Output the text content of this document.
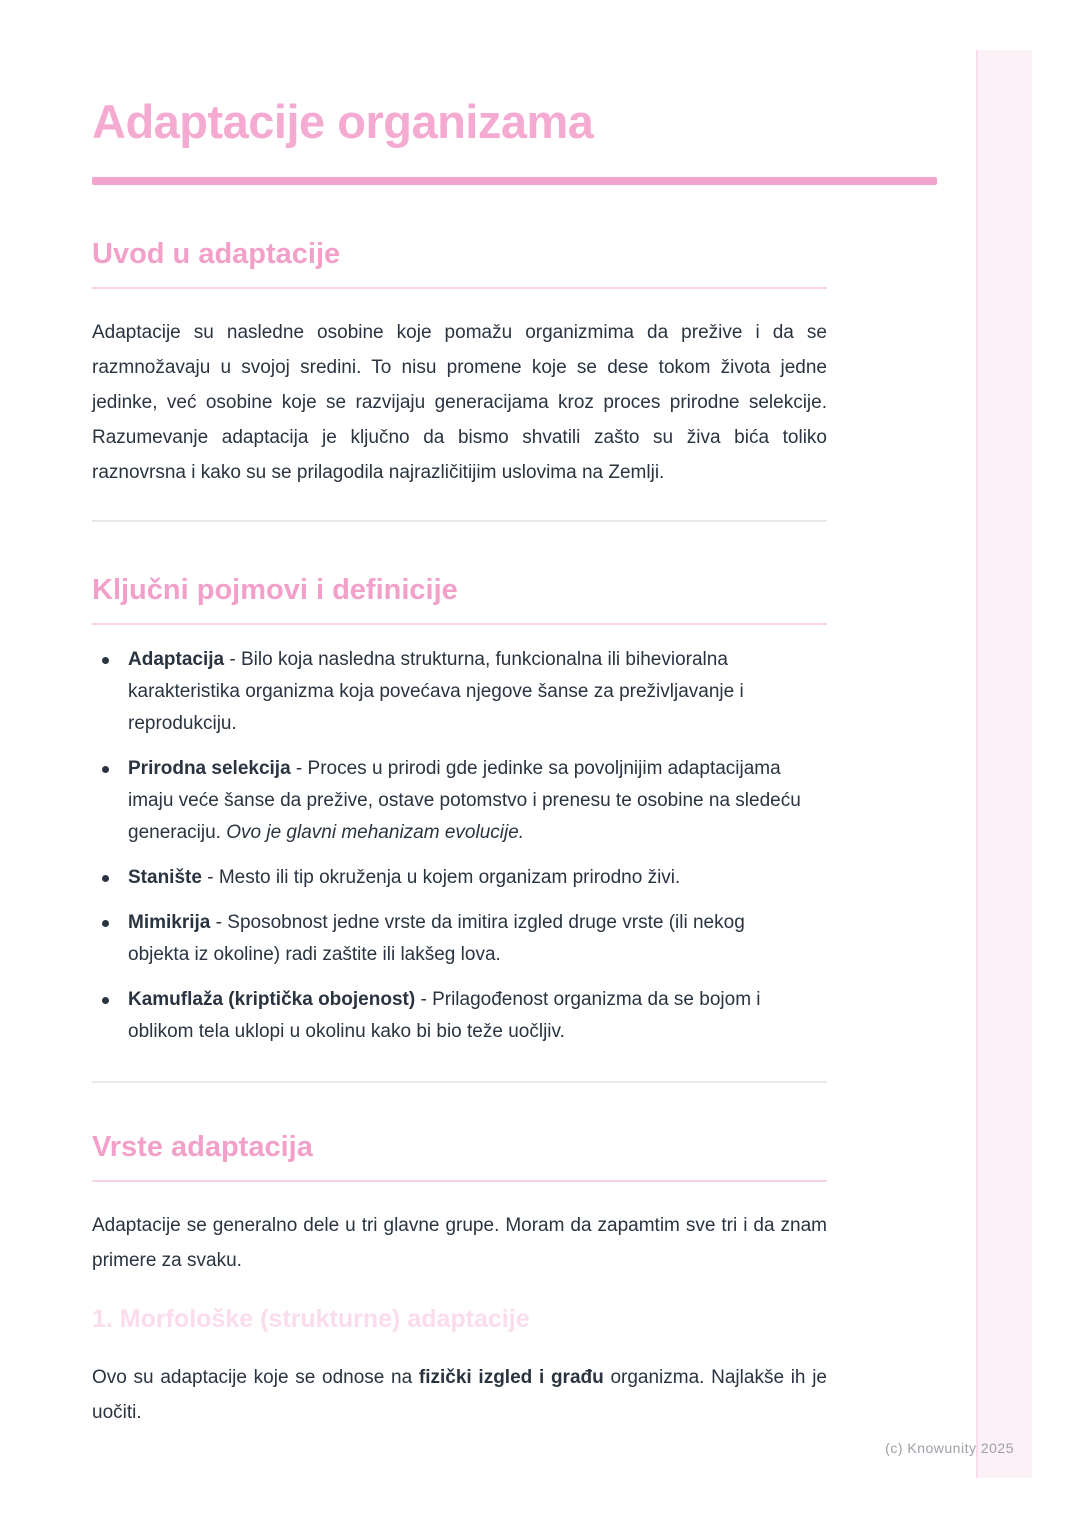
Adaptacije organizama
Uvod u adaptacije

Adaptacije su nasledne osobine koje pomažu organizmima da prežive i da se razmnožavaju u svojoj sredini. To nisu promene koje se dese tokom života jedne jedinke, već osobine koje se razvijaju generacijama kroz proces prirodne selekcije. Razumevanje adaptacija je ključno da bismo shvatili zašto su živa bića toliko raznovrsna i kako su se prilagodila najrazličitijim uslovima na Zemlji.

Ključni pojmovi i definicije
Adaptacija - Bilo koja nasledna strukturna, funkcionalna ili bihevioralna karakteristika organizma koja povećava njegove šanse za preživljavanje i reprodukciju.
Prirodna selekcija - Proces u prirodi gde jedinke sa povoljnijim adaptacijama imaju veće šanse da prežive, ostave potomstvo i prenesu te osobine na sledeću generaciju. Ovo je glavni mehanizam evolucije.
Stanište - Mesto ili tip okruženja u kojem organizam prirodno živi.
Mimikrija - Sposobnost jedne vrste da imitira izgled druge vrste (ili nekog objekta iz okoline) radi zaštite ili lakšeg lova.
Kamuflaža (kriptička obojenost) - Prilagođenost organizma da se bojom i oblikom tela uklopi u okolinu kako bi bio teže uočljiv.
Vrste adaptacija

Adaptacije se generalno dele u tri glavne grupe. Moram da zapamtim sve tri i da znam primere za svaku.

1. Morfološke (strukturne) adaptacije

Ovo su adaptacije koje se odnose na fizički izgled i građu organizma. Najlakše ih je uočiti.

(c) Knowunity 2025
